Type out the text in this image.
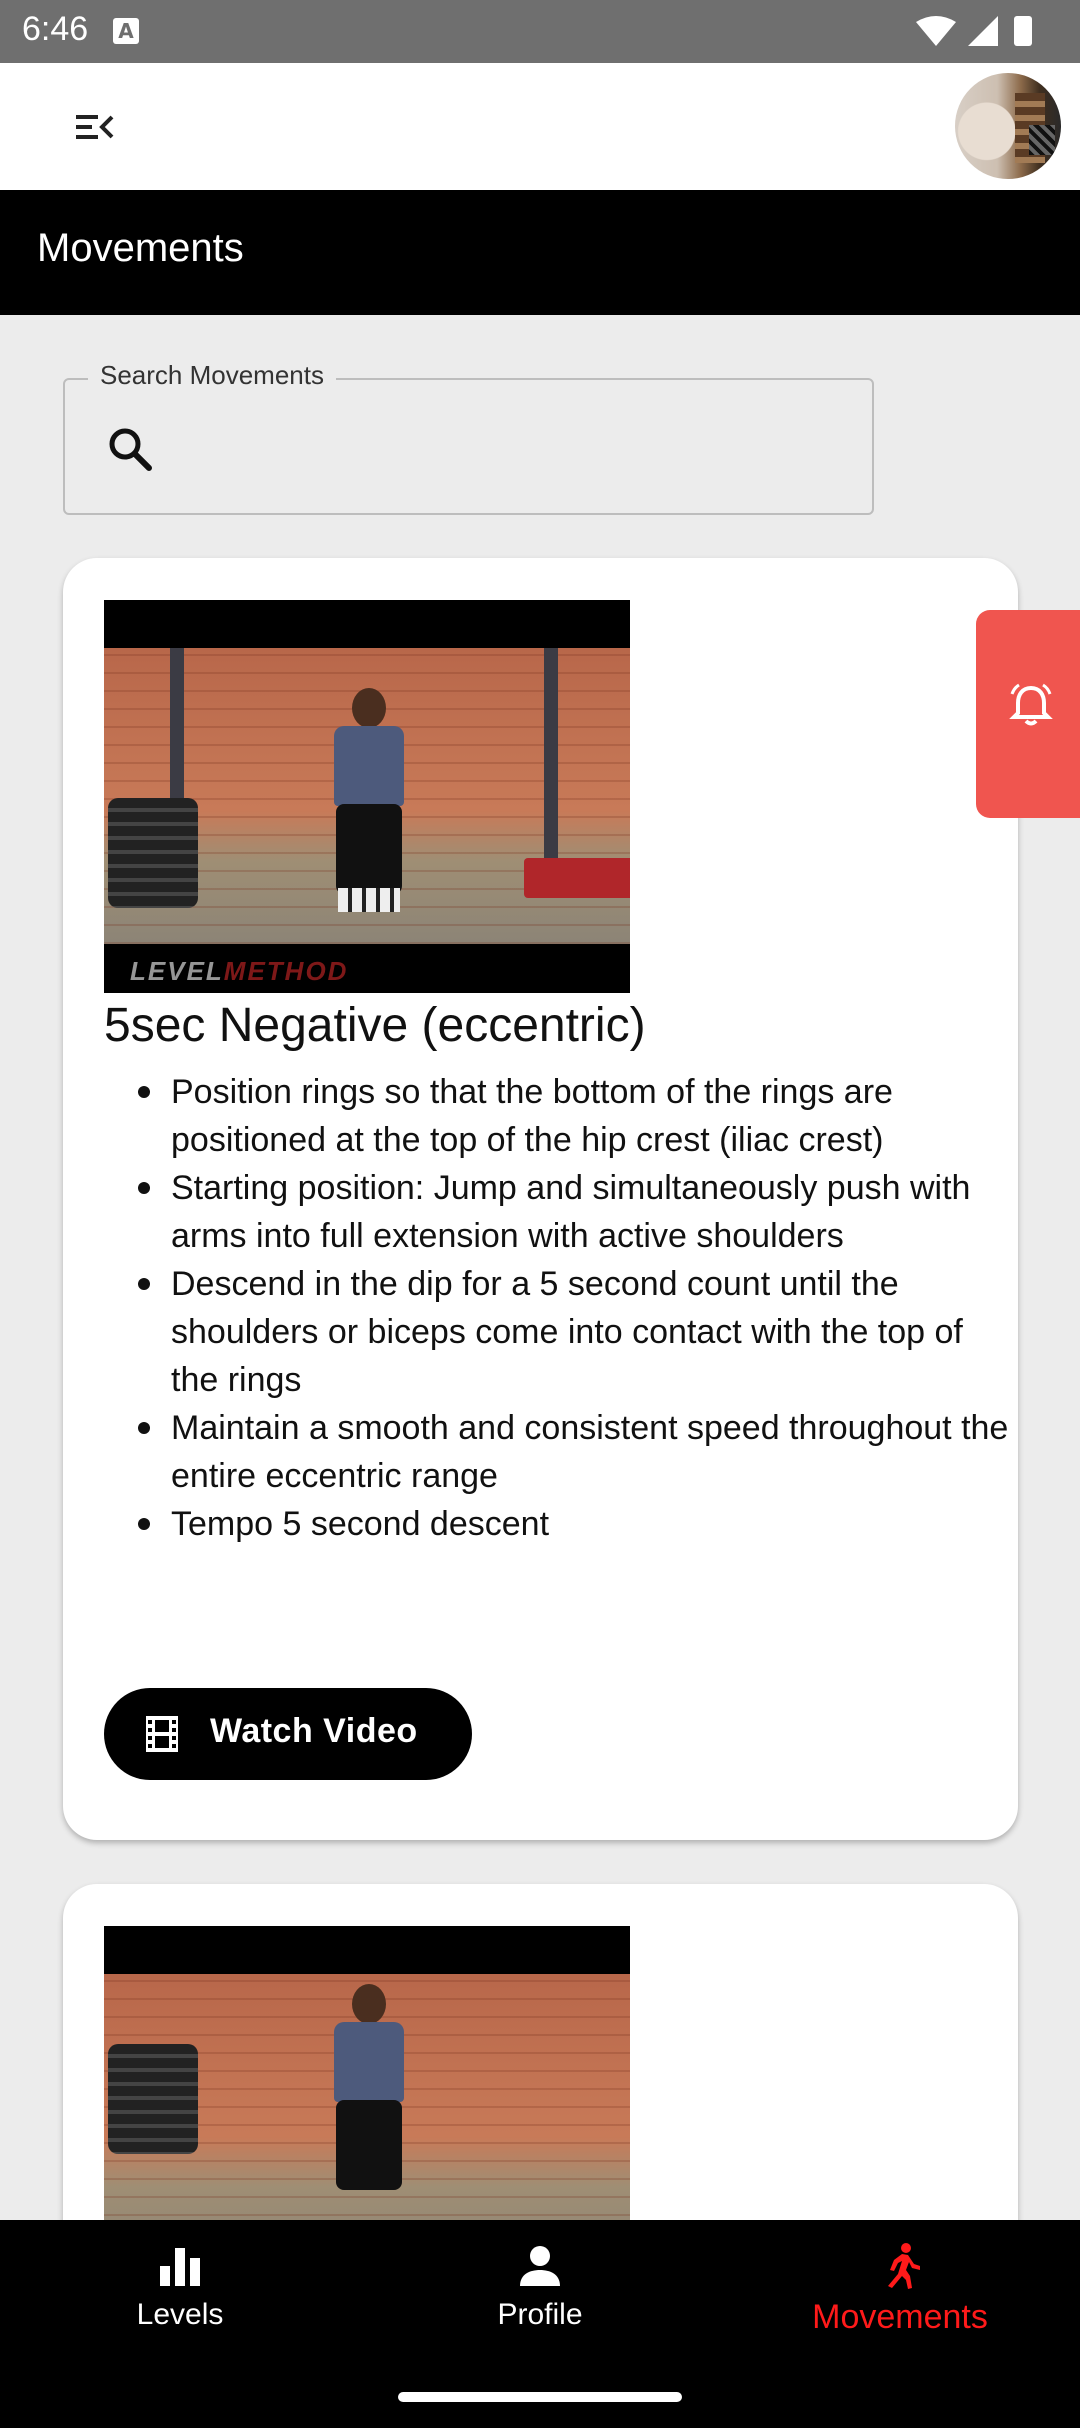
6:46 A
Movements
Search Movements
LEVELMETHOD
5sec Negative (eccentric)
Position rings so that the bottom of the rings are positioned at the top of the hip crest (iliac crest)
Starting position: Jump and simultaneously push with arms into full extension with active shoulders
Descend in the dip for a 5 second count until the shoulders or biceps come into contact with the top of the rings
Maintain a smooth and consistent speed throughout the entire eccentric range
Tempo 5 second descent
Watch Video
Levels	Profile	Movements
